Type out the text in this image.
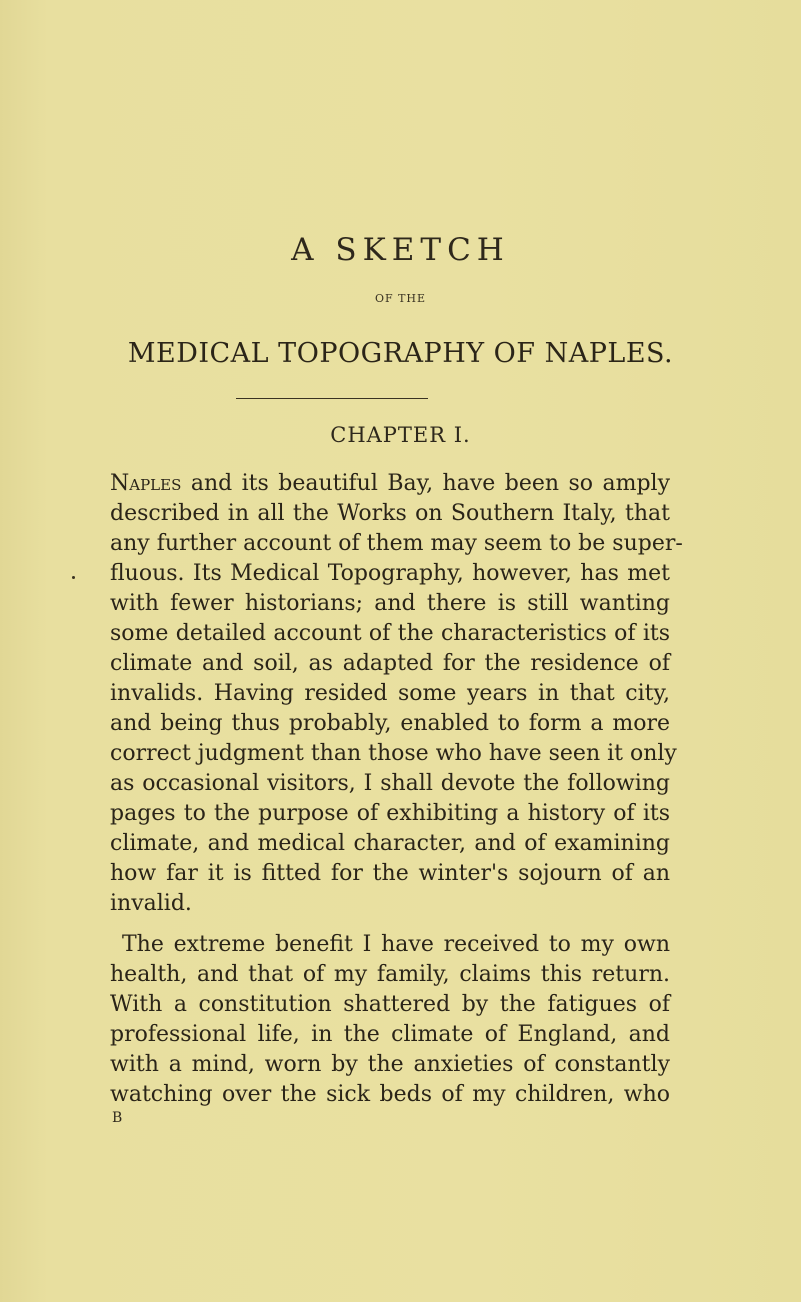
A SKETCH
OF THE
MEDICAL TOPOGRAPHY OF NAPLES.
CHAPTER I.
Naples and its beautiful Bay, have been so amply
described in all the Works on Southern Italy, that
any further account of them may seem to be super-
fluous. Its Medical Topography, however, has met
with fewer historians; and there is still wanting
some detailed account of the characteristics of its
climate and soil, as adapted for the residence of
invalids. Having resided some years in that city,
and being thus probably, enabled to form a more
correct judgment than those who have seen it only
as occasional visitors, I shall devote the following
pages to the purpose of exhibiting a history of its
climate, and medical character, and of examining
how far it is fitted for the winter's sojourn of an
invalid.
The extreme benefit I have received to my own
health, and that of my family, claims this return.
With a constitution shattered by the fatigues of
professional life, in the climate of England, and
with a mind, worn by the anxieties of constantly
watching over the sick beds of my children, who
B
